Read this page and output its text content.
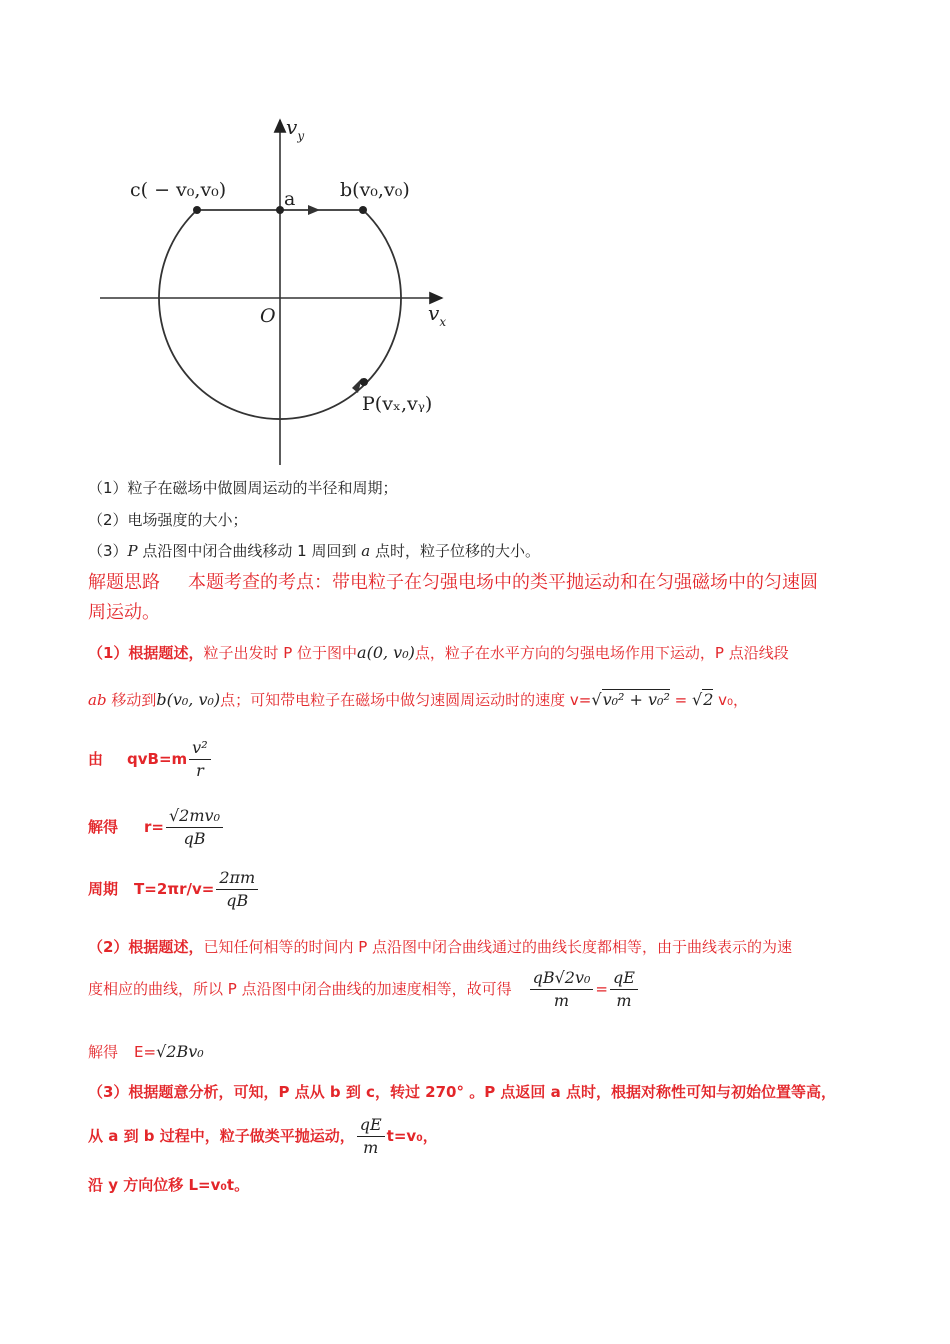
$v_y$
$v_x$
O
a b(v₀,v₀)
c( − v₀,v₀)
P(vₓ,vᵧ)
（1）粒子在磁场中做圆周运动的半径和周期；
（2）电场强度的大小；
（3）P 点沿图中闭合曲线移动 1 周回到 a 点时，粒子位移的大小。
解题思路 本题考查的考点：带电粒子在匀强电场中的类平抛运动和在匀强磁场中的匀速圆
周运动。
（1）根据题述，粒子出发时 P 位于图中a(0, v₀)点，粒子在水平方向的匀强电场作用下运动，P 点沿线段
ab 移动到b(v₀, v₀)点；可知带电粒子在磁场中做匀速圆周运动时的速度 v=√v₀² + v₀² = √2 v₀，
由 $qvB=m \frac{\text{v²}}{r}$
解得 $r= \frac{\text{√2mv₀}}{qB}$
周期 $T=2\pi r/v= \frac{2\pi m}{qB}$
（2）根据题述，已知任何相等的时间内 P 点沿图中闭合曲线通过的曲线长度都相等，由于曲线表示的为速
度相应的曲线，所以 P 点沿图中闭合曲线的加速度相等，故可得 $\frac{\text{qB√2v₀}}{m} = \frac{qE}{m}$
解得 E=√2Bv₀
（3）根据题意分析，可知，P 点从 b 到 c，转过 270° 。P 点返回 a 点时，根据对称性可知与初始位置等高，
从 a 到 b 过程中，粒子做类平抛运动， $\frac{qE}{m} t=v_0$，
沿 y 方向位移 L=v₀t。
